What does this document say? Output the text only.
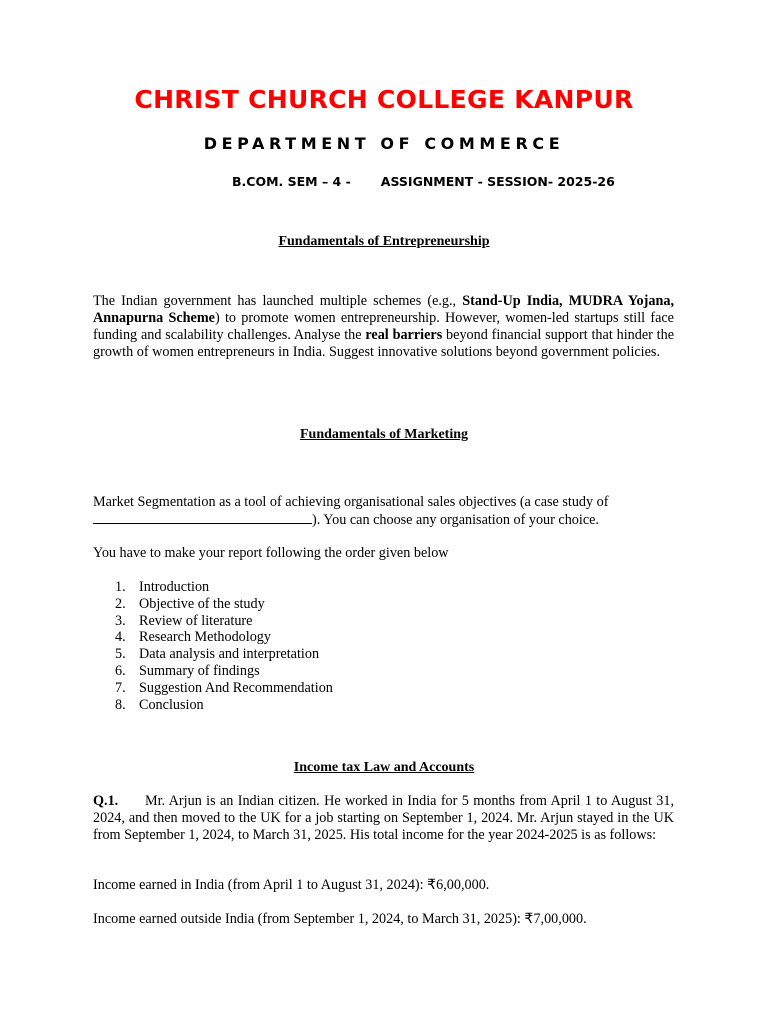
CHRIST CHURCH COLLEGE KANPUR
DEPARTMENT OF COMMERCE
B.COM. SEM – 4 - ASSIGNMENT - SESSION- 2025-26
Fundamentals of Entrepreneurship
The Indian government has launched multiple schemes (e.g., Stand-Up India, MUDRA Yojana, Annapurna Scheme) to promote women entrepreneurship. However, women-led startups still face funding and scalability challenges. Analyse the real barriers beyond financial support that hinder the growth of women entrepreneurs in India. Suggest innovative solutions beyond government policies.
Fundamentals of Marketing
Market Segmentation as a tool of achieving organisational sales objectives (a case study of
). You can choose any organisation of your choice.
You have to make your report following the order given below
1. Introduction
2. Objective of the study
3. Review of literature
4. Research Methodology
5. Data analysis and interpretation
6. Summary of findings
7. Suggestion And Recommendation
8. Conclusion
Income tax Law and Accounts
Q.1. Mr. Arjun is an Indian citizen. He worked in India for 5 months from April 1 to August 31, 2024, and then moved to the UK for a job starting on September 1, 2024. Mr. Arjun stayed in the UK from September 1, 2024, to March 31, 2025. His total income for the year 2024-2025 is as follows:
Income earned in India (from April 1 to August 31, 2024): ₹6,00,000.
Income earned outside India (from September 1, 2024, to March 31, 2025): ₹7,00,000.
